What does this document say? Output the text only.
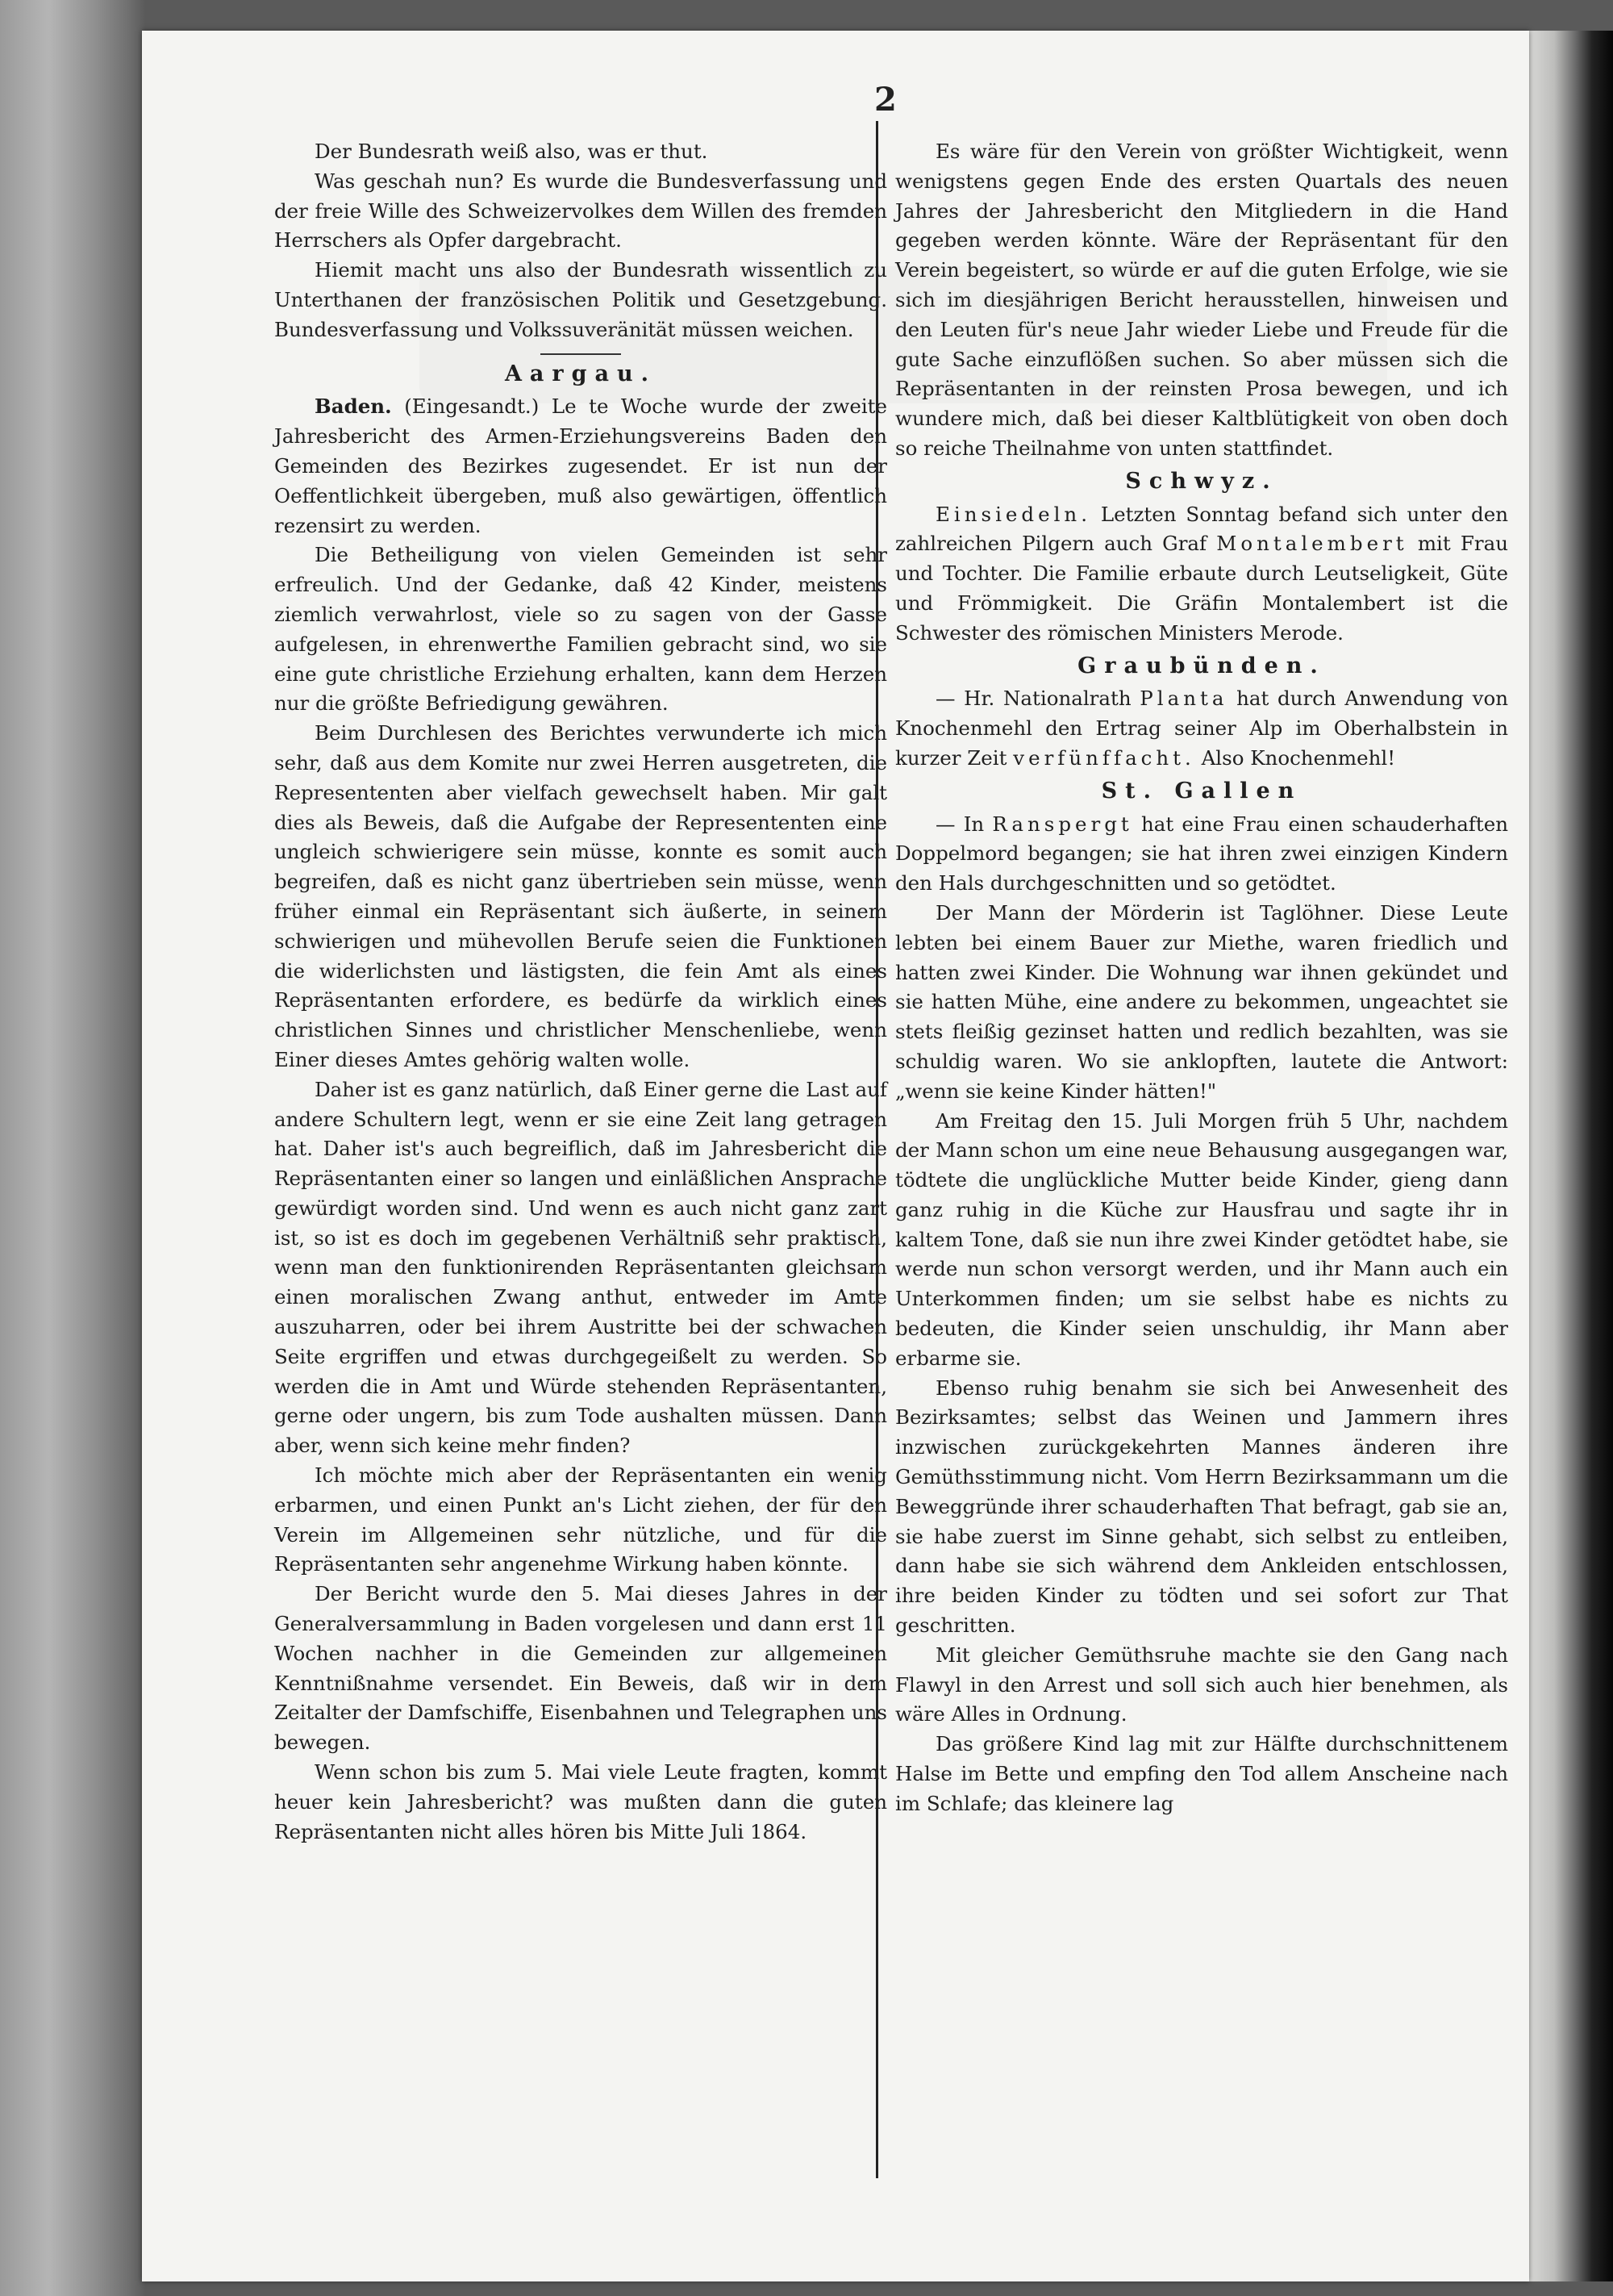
2

Der Bundesrath weiß also, was er thut.

Was geschah nun? Es wurde die Bundesverfassung und der freie Wille des Schweizervolkes dem Willen des fremden Herrschers als Opfer dargebracht.

Hiemit macht uns also der Bundesrath wissentlich zu Unterthanen der französischen Politik und Gesetzgebung. Bundesverfassung und Volkssuveränität müssen weichen.

Aargau.

Baden. (Eingesandt.) Le te Woche wurde der zweite Jahresbericht des Armen-Erziehungsvereins Baden den Gemeinden des Bezirkes zugesendet. Er ist nun der Oeffentlichkeit übergeben, muß also gewärtigen, öffentlich rezensirt zu werden.

Die Betheiligung von vielen Gemeinden ist sehr erfreulich. Und der Gedanke, daß 42 Kinder, meistens ziemlich verwahrlost, viele so zu sagen von der Gasse aufgelesen, in ehrenwerthe Familien gebracht sind, wo sie eine gute christliche Erziehung erhalten, kann dem Herzen nur die größte Befriedigung gewähren.

Beim Durchlesen des Berichtes verwunderte ich mich sehr, daß aus dem Komite nur zwei Herren ausgetreten, die Represententen aber vielfach gewechselt haben. Mir galt dies als Beweis, daß die Aufgabe der Represententen eine ungleich schwierigere sein müsse, konnte es somit auch begreifen, daß es nicht ganz übertrieben sein müsse, wenn früher einmal ein Repräsentant sich äußerte, in seinem schwierigen und mühevollen Berufe seien die Funktionen die widerlichsten und lästigsten, die fein Amt als eines Repräsentanten erfordere, es bedürfe da wirklich eines christlichen Sinnes und christlicher Menschenliebe, wenn Einer dieses Amtes gehörig walten wolle.

Daher ist es ganz natürlich, daß Einer gerne die Last auf andere Schultern legt, wenn er sie eine Zeit lang getragen hat. Daher ist's auch begreiflich, daß im Jahresbericht die Repräsentanten einer so langen und einläßlichen Ansprache gewürdigt worden sind. Und wenn es auch nicht ganz zart ist, so ist es doch im gegebenen Verhältniß sehr praktisch, wenn man den funktionirenden Repräsentanten gleichsam einen moralischen Zwang anthut, entweder im Amte auszuharren, oder bei ihrem Austritte bei der schwachen Seite ergriffen und etwas durchgegeißelt zu werden. So werden die in Amt und Würde stehenden Repräsentanten, gerne oder ungern, bis zum Tode aushalten müssen. Dann aber, wenn sich keine mehr finden?

Ich möchte mich aber der Repräsentanten ein wenig erbarmen, und einen Punkt an's Licht ziehen, der für den Verein im Allgemeinen sehr nützliche, und für die Repräsentanten sehr angenehme Wirkung haben könnte.

Der Bericht wurde den 5. Mai dieses Jahres in der Generalversammlung in Baden vorgelesen und dann erst 11 Wochen nachher in die Gemeinden zur allgemeinen Kenntnißnahme versendet. Ein Beweis, daß wir in dem Zeitalter der Damfschiffe, Eisenbahnen und Telegraphen uns bewegen.

Wenn schon bis zum 5. Mai viele Leute fragten, kommt heuer kein Jahresbericht? was mußten dann die guten Repräsentanten nicht alles hören bis Mitte Juli 1864.

Es wäre für den Verein von größter Wichtigkeit, wenn wenigstens gegen Ende des ersten Quartals des neuen Jahres der Jahresbericht den Mitgliedern in die Hand gegeben werden könnte. Wäre der Repräsentant für den Verein begeistert, so würde er auf die guten Erfolge, wie sie sich im diesjährigen Bericht herausstellen, hinweisen und den Leuten für's neue Jahr wieder Liebe und Freude für die gute Sache einzuflößen suchen. So aber müssen sich die Repräsentanten in der reinsten Prosa bewegen, und ich wundere mich, daß bei dieser Kaltblütigkeit von oben doch so reiche Theilnahme von unten stattfindet.

Schwyz.

Einsiedeln. Letzten Sonntag befand sich unter den zahlreichen Pilgern auch Graf Montalembert mit Frau und Tochter. Die Familie erbaute durch Leutseligkeit, Güte und Frömmigkeit. Die Gräfin Montalembert ist die Schwester des römischen Ministers Merode.

Graubünden.

— Hr. Nationalrath Planta hat durch Anwendung von Knochenmehl den Ertrag seiner Alp im Oberhalbstein in kurzer Zeit verfünffacht. Also Knochenmehl!

St. Gallen

— In Ranspergt hat eine Frau einen schauderhaften Doppelmord begangen; sie hat ihren zwei einzigen Kindern den Hals durchgeschnitten und so getödtet.

Der Mann der Mörderin ist Taglöhner. Diese Leute lebten bei einem Bauer zur Miethe, waren friedlich und hatten zwei Kinder. Die Wohnung war ihnen gekündet und sie hatten Mühe, eine andere zu bekommen, ungeachtet sie stets fleißig gezinset hatten und redlich bezahlten, was sie schuldig waren. Wo sie anklopften, lautete die Antwort: „wenn sie keine Kinder hätten!"

Am Freitag den 15. Juli Morgen früh 5 Uhr, nachdem der Mann schon um eine neue Behausung ausgegangen war, tödtete die unglückliche Mutter beide Kinder, gieng dann ganz ruhig in die Küche zur Hausfrau und sagte ihr in kaltem Tone, daß sie nun ihre zwei Kinder getödtet habe, sie werde nun schon versorgt werden, und ihr Mann auch ein Unterkommen finden; um sie selbst habe es nichts zu bedeuten, die Kinder seien unschuldig, ihr Mann aber erbarme sie.

Ebenso ruhig benahm sie sich bei Anwesenheit des Bezirksamtes; selbst das Weinen und Jammern ihres inzwischen zurückgekehrten Mannes änderen ihre Gemüthsstimmung nicht. Vom Herrn Bezirksammann um die Beweggründe ihrer schauderhaften That befragt, gab sie an, sie habe zuerst im Sinne gehabt, sich selbst zu entleiben, dann habe sie sich während dem Ankleiden entschlossen, ihre beiden Kinder zu tödten und sei sofort zur That geschritten.

Mit gleicher Gemüthsruhe machte sie den Gang nach Flawyl in den Arrest und soll sich auch hier benehmen, als wäre Alles in Ordnung.

Das größere Kind lag mit zur Hälfte durchschnittenem Halse im Bette und empfing den Tod allem Anscheine nach im Schlafe; das kleinere lag
